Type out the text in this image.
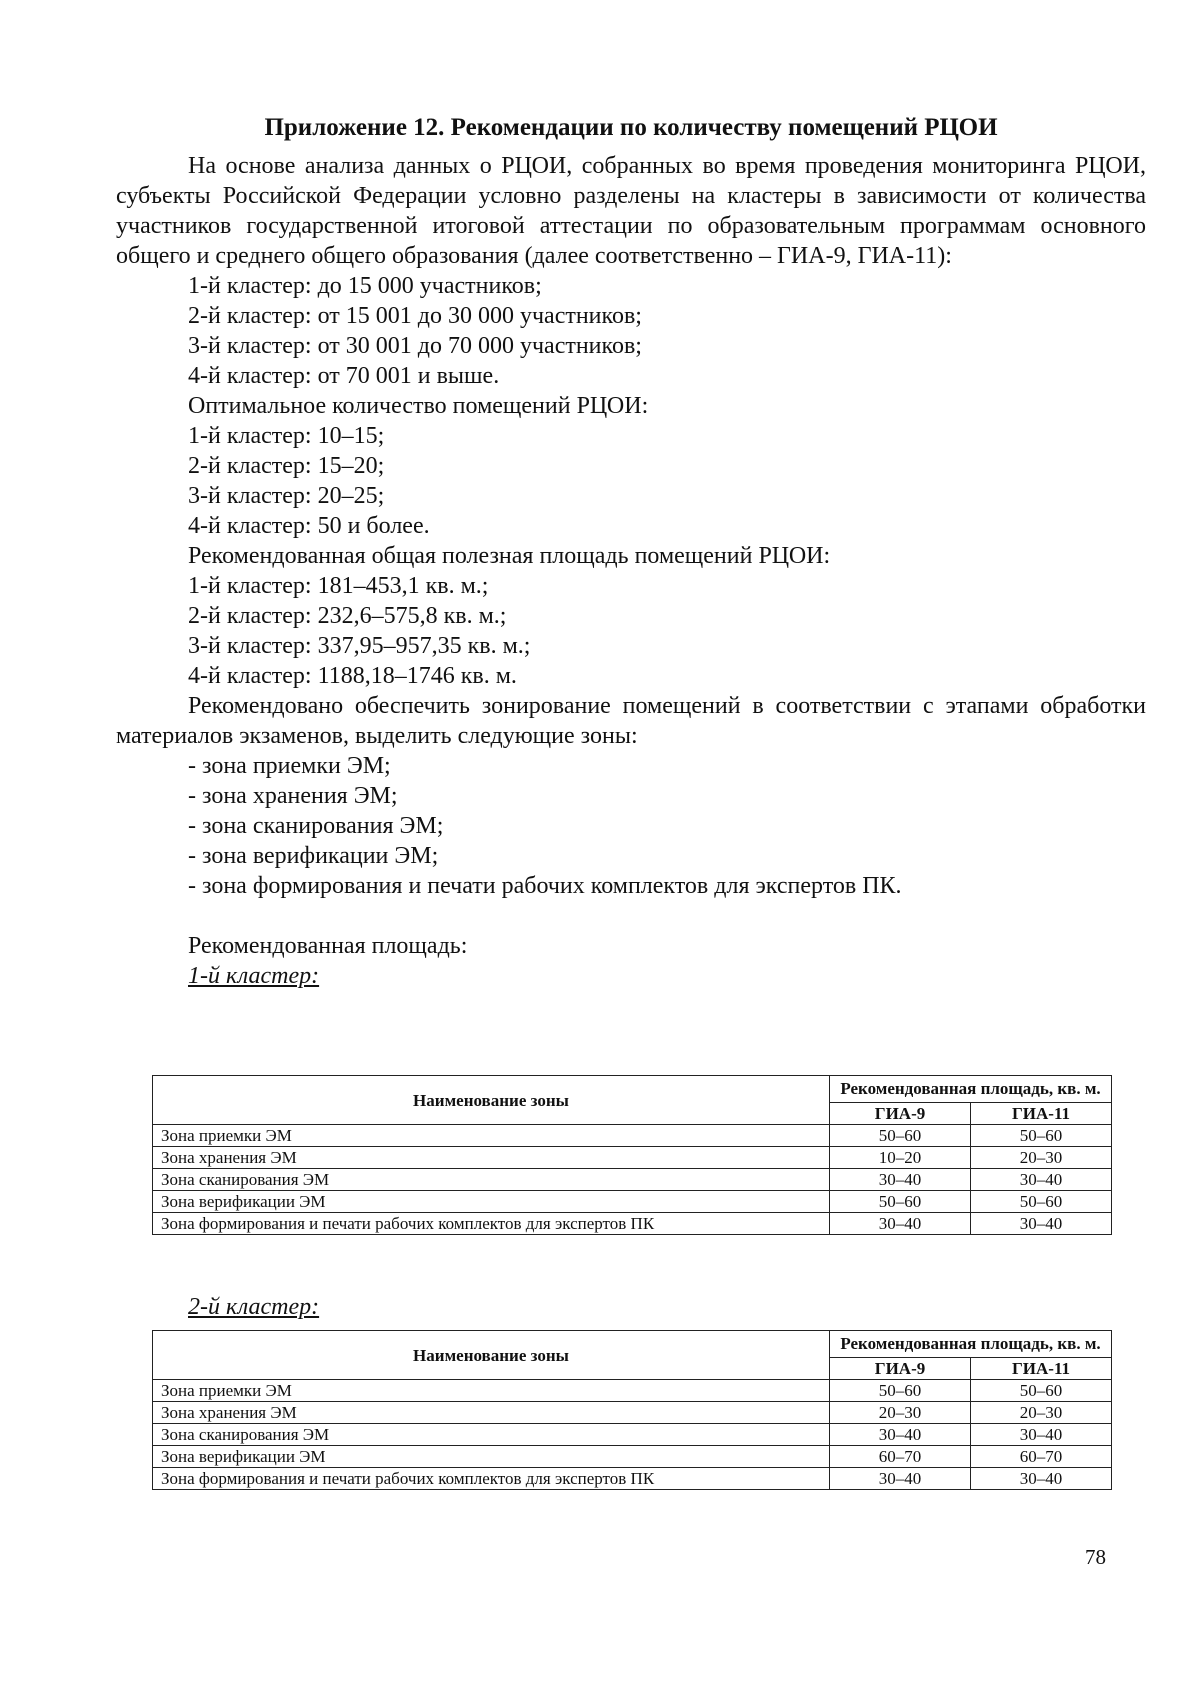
Приложение 12. Рекомендации по количеству помещений РЦОИ

На основе анализа данных о РЦОИ, собранных во время проведения мониторинга РЦОИ, субъекты Российской Федерации условно разделены на кластеры в зависимости от количества участников государственной итоговой аттестации по образовательным программам основного общего и среднего общего образования (далее соответственно – ГИА-9, ГИА-11):

1-й кластер: до 15 000 участников;

2-й кластер: от 15 001 до 30 000 участников;

3-й кластер: от 30 001 до 70 000 участников;

4-й кластер: от 70 001 и выше.

Оптимальное количество помещений РЦОИ:

1-й кластер: 10–15;

2-й кластер: 15–20;

3-й кластер: 20–25;

4-й кластер: 50 и более.

Рекомендованная общая полезная площадь помещений РЦОИ:

1-й кластер: 181–453,1 кв. м.;

2-й кластер: 232,6–575,8 кв. м.;

3-й кластер: 337,95–957,35 кв. м.;

4-й кластер: 1188,18–1746 кв. м.

Рекомендовано обеспечить зонирование помещений в соответствии с этапами обработки материалов экзаменов, выделить следующие зоны:

- зона приемки ЭМ;

- зона хранения ЭМ;

- зона сканирования ЭМ;

- зона верификации ЭМ;

- зона формирования и печати рабочих комплектов для экспертов ПК.

Рекомендованная площадь:

1-й кластер:

Наименование зоны	Рекомендованная площадь, кв. м.	
	ГИА-9	ГИА-11
Зона приемки ЭМ	50–60	50–60
Зона хранения ЭМ	10–20	20–30
Зона сканирования ЭМ	30–40	30–40
Зона верификации ЭМ	50–60	50–60
Зона формирования и печати рабочих комплектов для экспертов ПК	30–40	30–40
2-й кластер:
Наименование зоны	Рекомендованная площадь, кв. м.	
	ГИА-9	ГИА-11
Зона приемки ЭМ	50–60	50–60
Зона хранения ЭМ	20–30	20–30
Зона сканирования ЭМ	30–40	30–40
Зона верификации ЭМ	60–70	60–70
Зона формирования и печати рабочих комплектов для экспертов ПК	30–40	30–40
78
